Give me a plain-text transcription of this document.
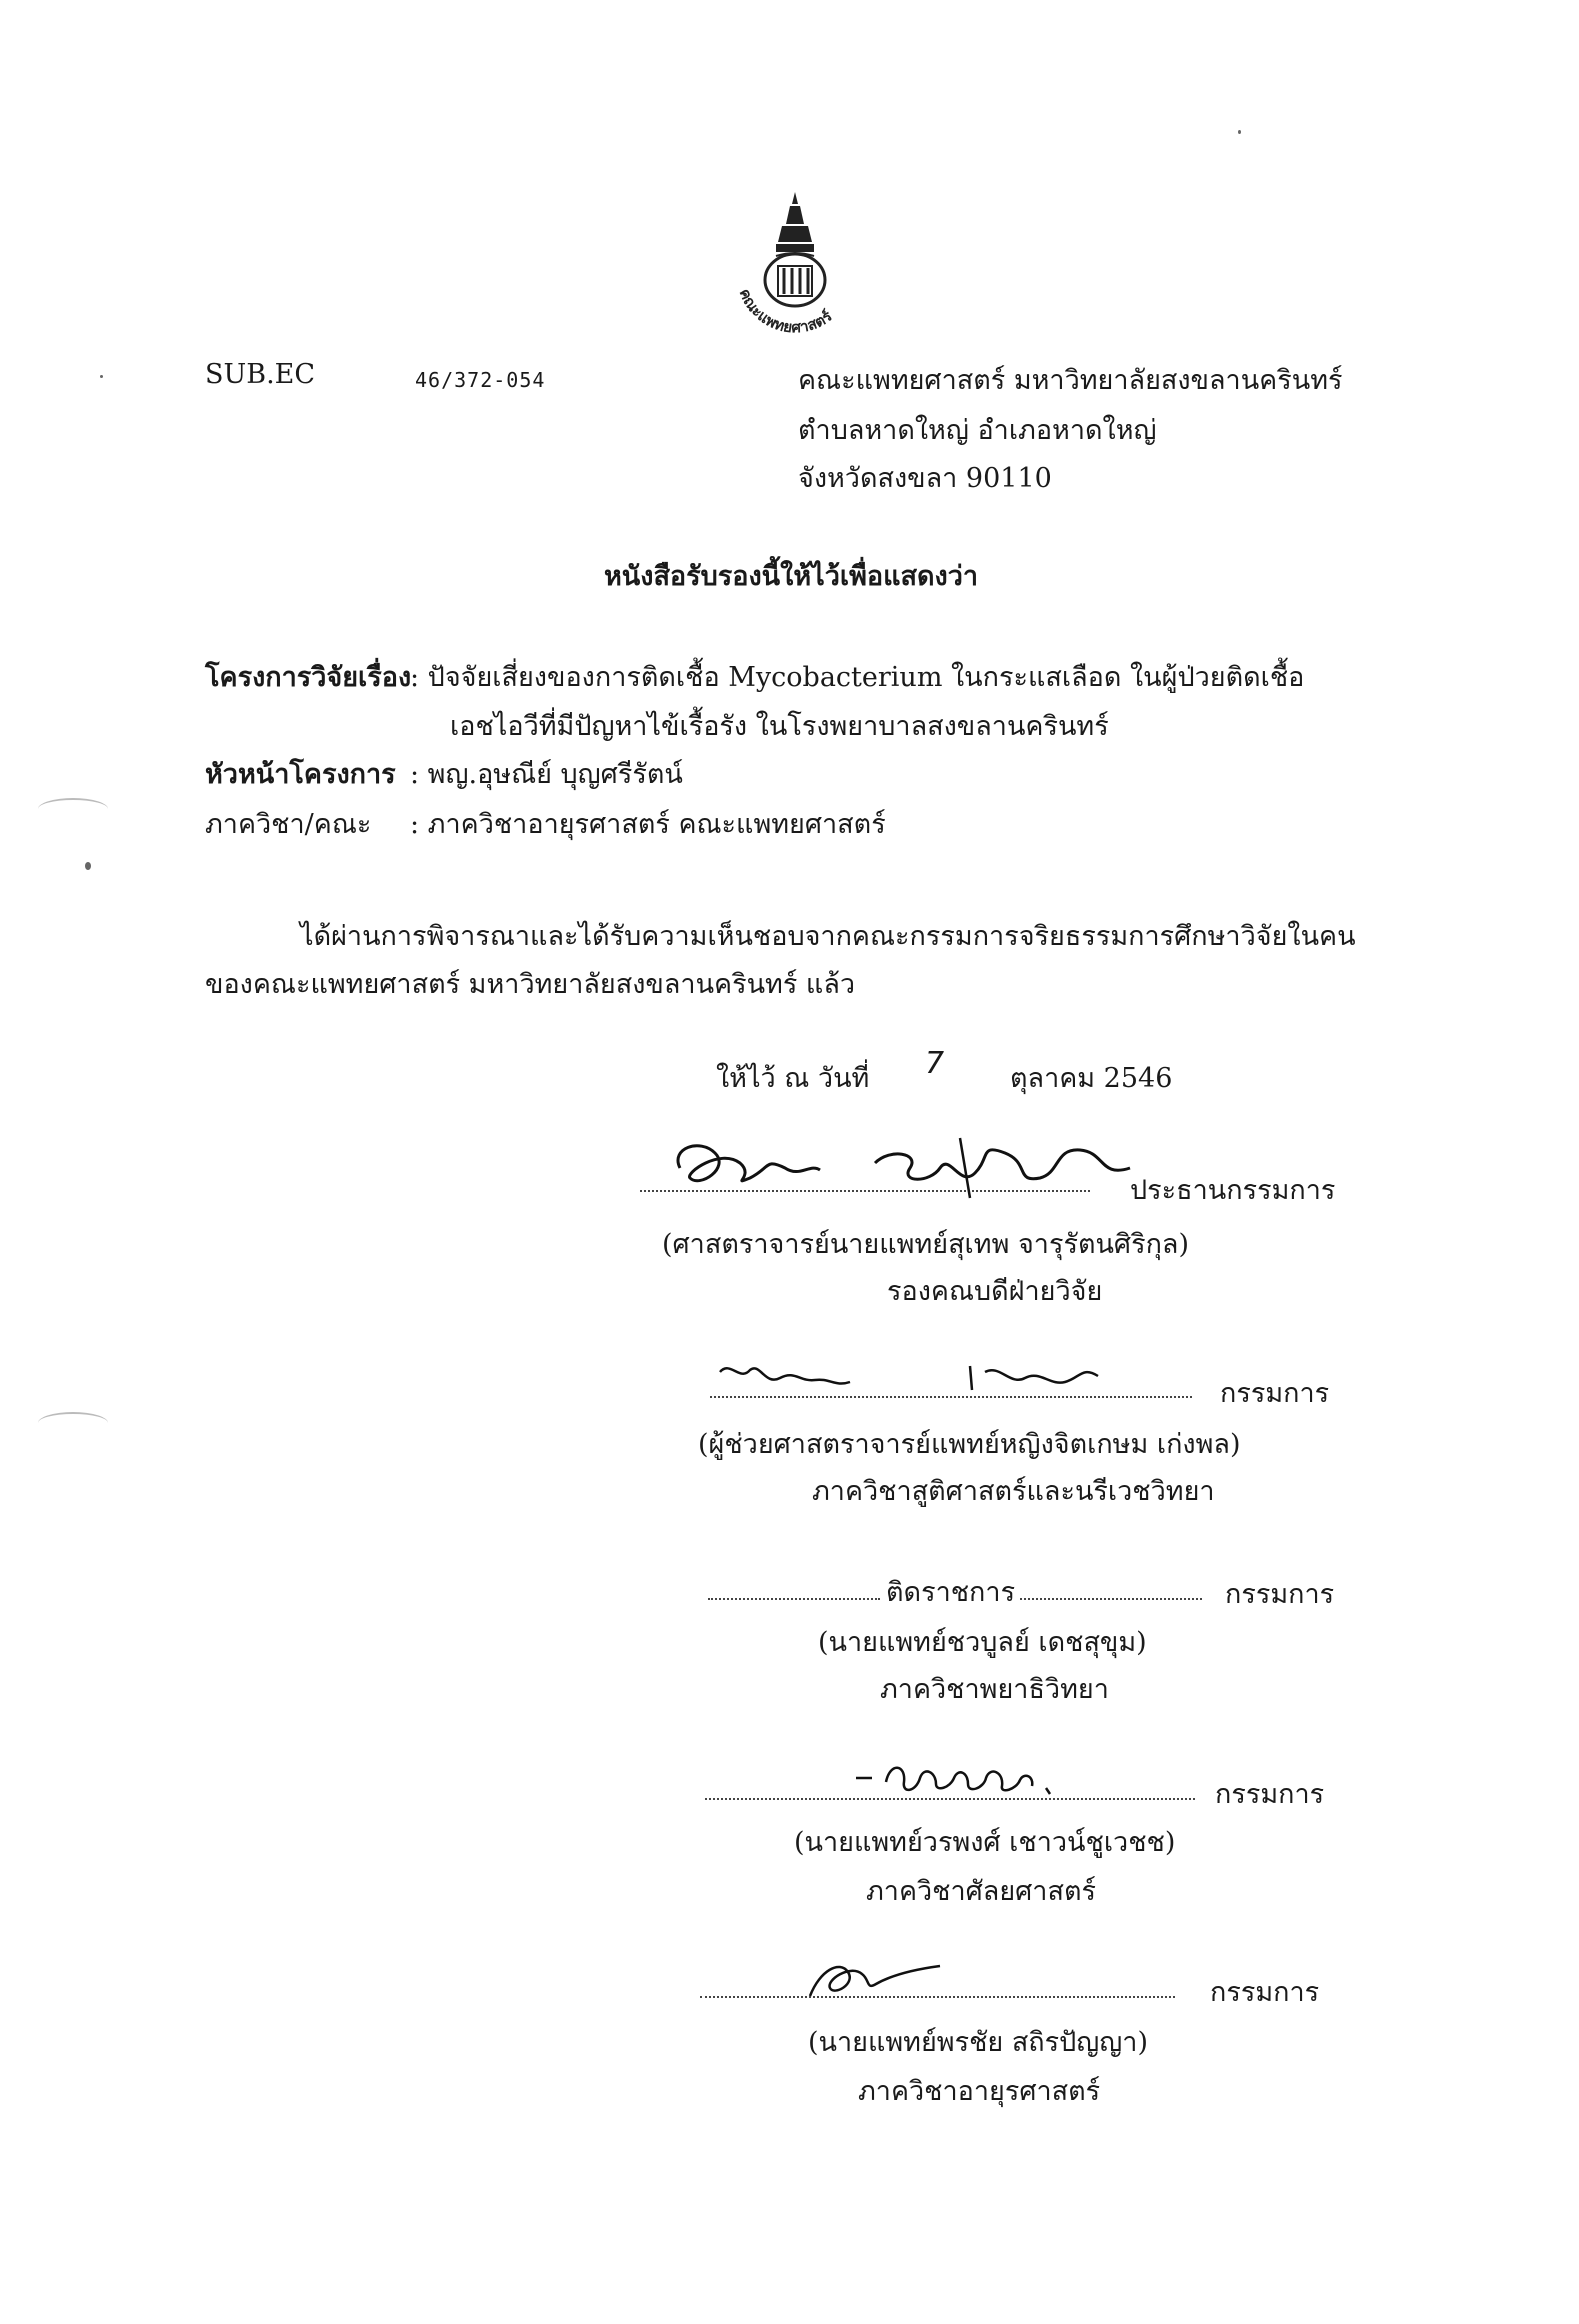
คณะแพทยศาสตร์
SUB.EC	46/372-054	คณะแพทยศาสตร์ มหาวิทยาลัยสงขลานครินทร์
ตำบลหาดใหญ่ อำเภอหาดใหญ่
จังหวัดสงขลา 90110
หนังสือรับรองนี้ให้ไว้เพื่อแสดงว่า
โครงการวิจัยเรื่อง
: ปัจจัยเสี่ยงของการติดเชื้อ Mycobacterium ในกระแสเลือด ในผู้ป่วยติดเชื้อ
เอชไอวีที่มีปัญหาไข้เรื้อรัง ในโรงพยาบาลสงขลานครินทร์
หัวหน้าโครงการ : พญ.อุษณีย์ บุญศรีรัตน์
ภาควิชา/คณะ : ภาควิชาอายุรศาสตร์ คณะแพทยศาสตร์
ได้ผ่านการพิจารณาและได้รับความเห็นชอบจากคณะกรรมการจริยธรรมการศึกษาวิจัยในคน
ของคณะแพทยศาสตร์ มหาวิทยาลัยสงขลานครินทร์ แล้ว
ให้ไว้ ณ วันที่ 7 ตุลาคม 2546
ประธานกรรมการ
(ศาสตราจารย์นายแพทย์สุเทพ จารุรัตนศิริกุล)
รองคณบดีฝ่ายวิจัย
กรรมการ
(ผู้ช่วยศาสตราจารย์แพทย์หญิงจิตเกษม เก่งพล)
ภาควิชาสูติศาสตร์และนรีเวชวิทยา
ติดราชการ	กรรมการ
(นายแพทย์ชวบูลย์ เดชสุขุม)
ภาควิชาพยาธิวิทยา
กรรมการ
(นายแพทย์วรพงศ์ เชาวน์ชูเวชช)
ภาควิชาศัลยศาสตร์
กรรมการ
(นายแพทย์พรชัย สถิรปัญญา)
ภาควิชาอายุรศาสตร์
